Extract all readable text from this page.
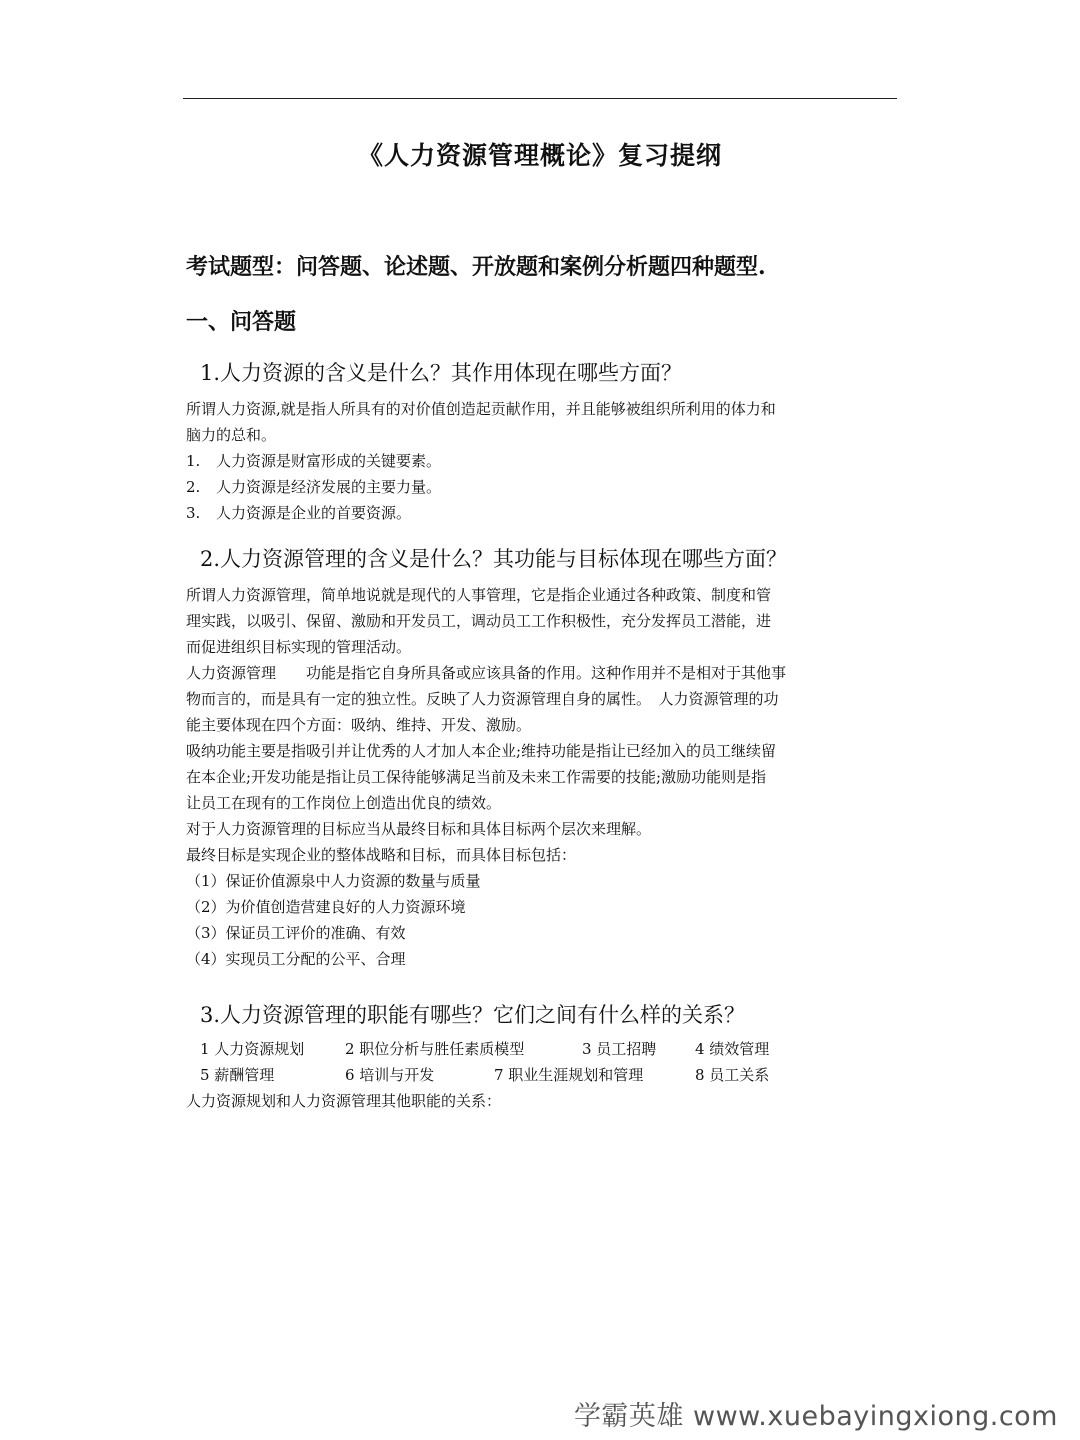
《人力资源管理概论》复习提纲
考试题型：问答题、论述题、开放题和案例分析题四种题型.
一、问答题
1.人力资源的含义是什么？其作用体现在哪些方面？
所谓人力资源,就是指人所具有的对价值创造起贡献作用，并且能够被组织所利用的体力和
脑力的总和。
1. 人力资源是财富形成的关键要素。
2. 人力资源是经济发展的主要力量。
3. 人力资源是企业的首要资源。
2.人力资源管理的含义是什么？其功能与目标体现在哪些方面？
所谓人力资源管理，简单地说就是现代的人事管理，它是指企业通过各种政策、制度和管
理实践，以吸引、保留、激励和开发员工，调动员工工作积极性，充分发挥员工潜能，进
而促进组织目标实现的管理活动。
人力资源管理　　功能是指它自身所具备或应该具备的作用。这种作用并不是相对于其他事
物而言的，而是具有一定的独立性。反映了人力资源管理自身的属性。　人力资源管理的功
能主要体现在四个方面：吸纳、维持、开发、激励。
吸纳功能主要是指吸引并让优秀的人才加人本企业;维持功能是指让已经加入的员工继续留
在本企业;开发功能是指让员工保待能够满足当前及未来工作需要的技能;激励功能则是指
让员工在现有的工作岗位上创造出优良的绩效。
对于人力资源管理的目标应当从最终目标和具体目标两个层次来理解。
最终目标是实现企业的整体战略和目标，而具体目标包括：
（1）保证价值源泉中人力资源的数量与质量
（2）为价值创造营建良好的人力资源环境
（3）保证员工评价的准确、有效
（4）实现员工分配的公平、合理
3.人力资源管理的职能有哪些？它们之间有什么样的关系？
1 人力资源规划	2 职位分析与胜任素质模型	3 员工招聘	4 绩效管理
5 薪酬管理	6 培训与开发	7 职业生涯规划和管理	8 员工关系
人力资源规划和人力资源管理其他职能的关系：
学霸英雄 www.xuebayingxiong.com
